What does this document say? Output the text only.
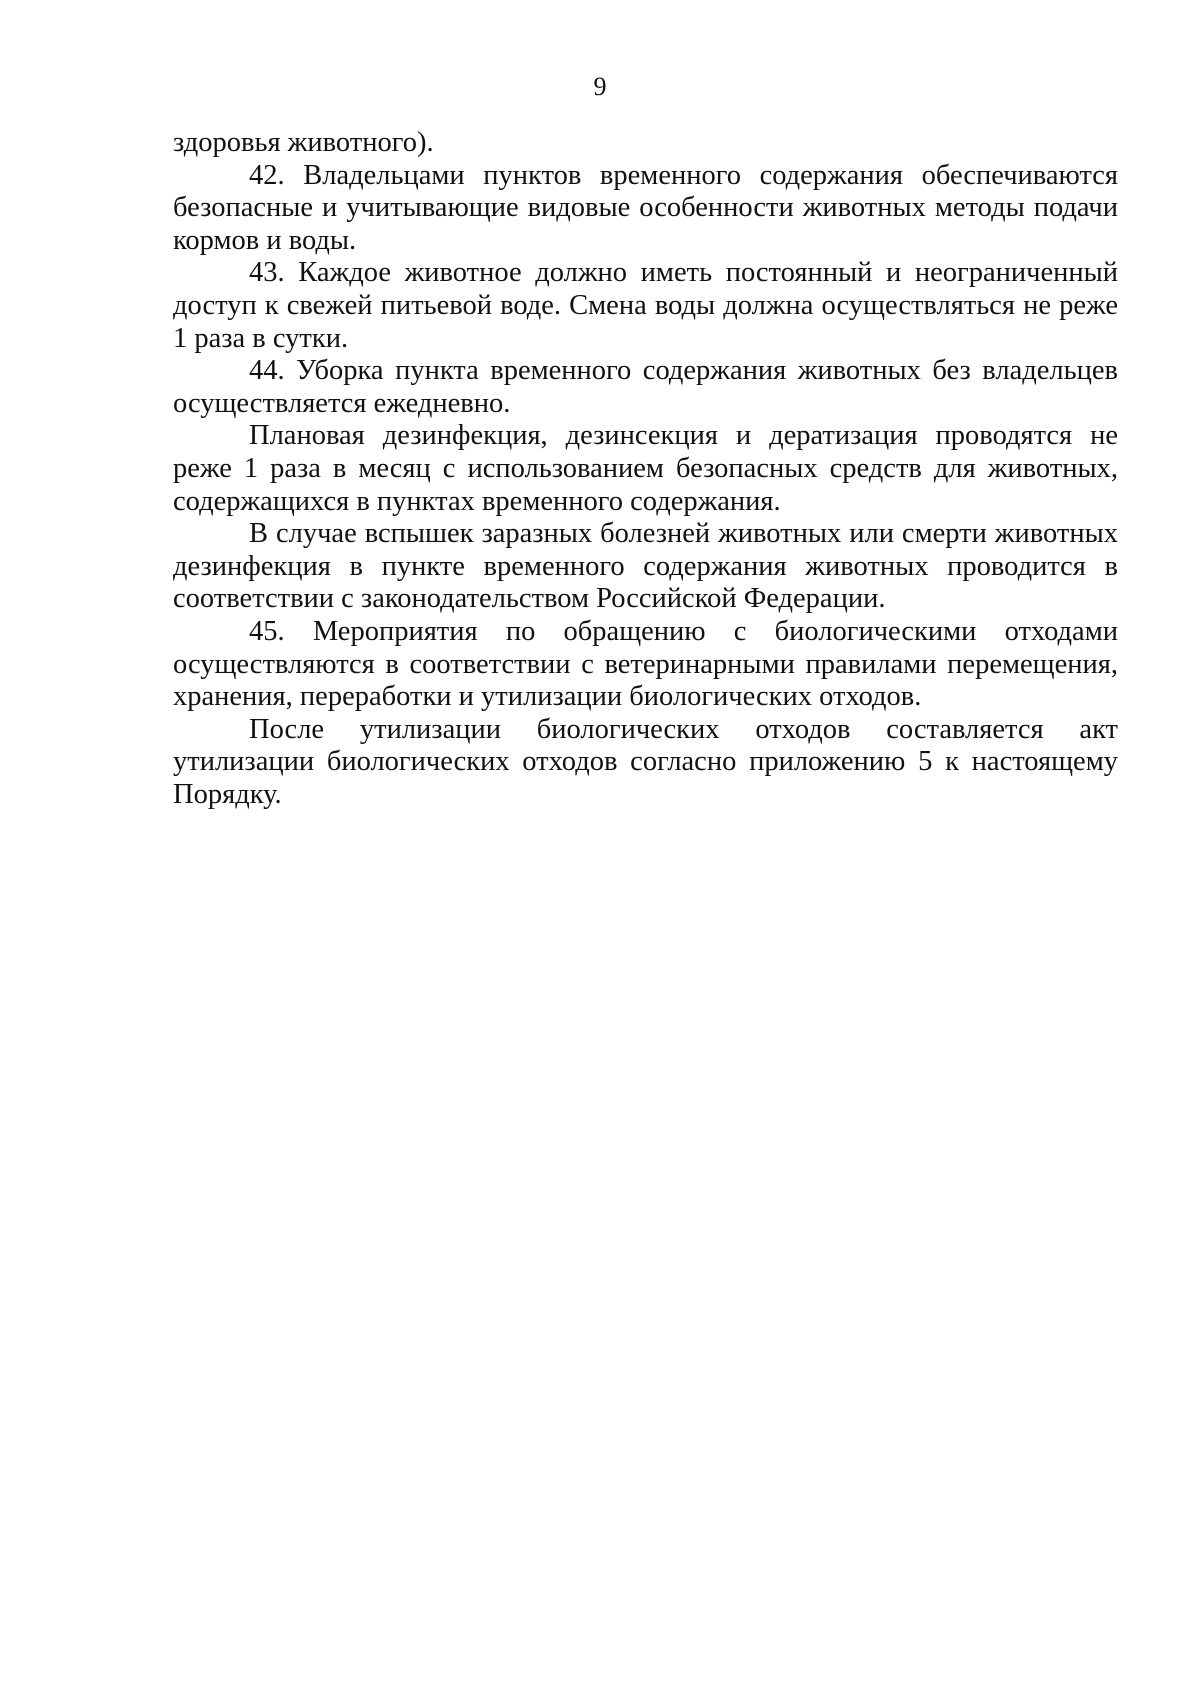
9

здоровья животного).

42. Владельцами пунктов временного содержания обеспечиваются безопасные и учитывающие видовые особенности животных методы подачи кормов и воды.

43. Каждое животное должно иметь постоянный и неограниченный доступ к свежей питьевой воде. Смена воды должна осуществляться не реже 1 раза в сутки.

44. Уборка пункта временного содержания животных без владельцев осуществляется ежедневно.

Плановая дезинфекция, дезинсекция и дератизация проводятся не реже 1 раза в месяц с использованием безопасных средств для животных, содержащихся в пунктах временного содержания.

В случае вспышек заразных болезней животных или смерти животных дезинфекция в пункте временного содержания животных проводится в соответствии с законодательством Российской Федерации.

45. Мероприятия по обращению с биологическими отходами осуществляются в соответствии с ветеринарными правилами перемещения, хранения, переработки и утилизации биологических отходов.

После утилизации биологических отходов составляется акт утилизации биологических отходов согласно приложению 5 к настоящему Порядку.
